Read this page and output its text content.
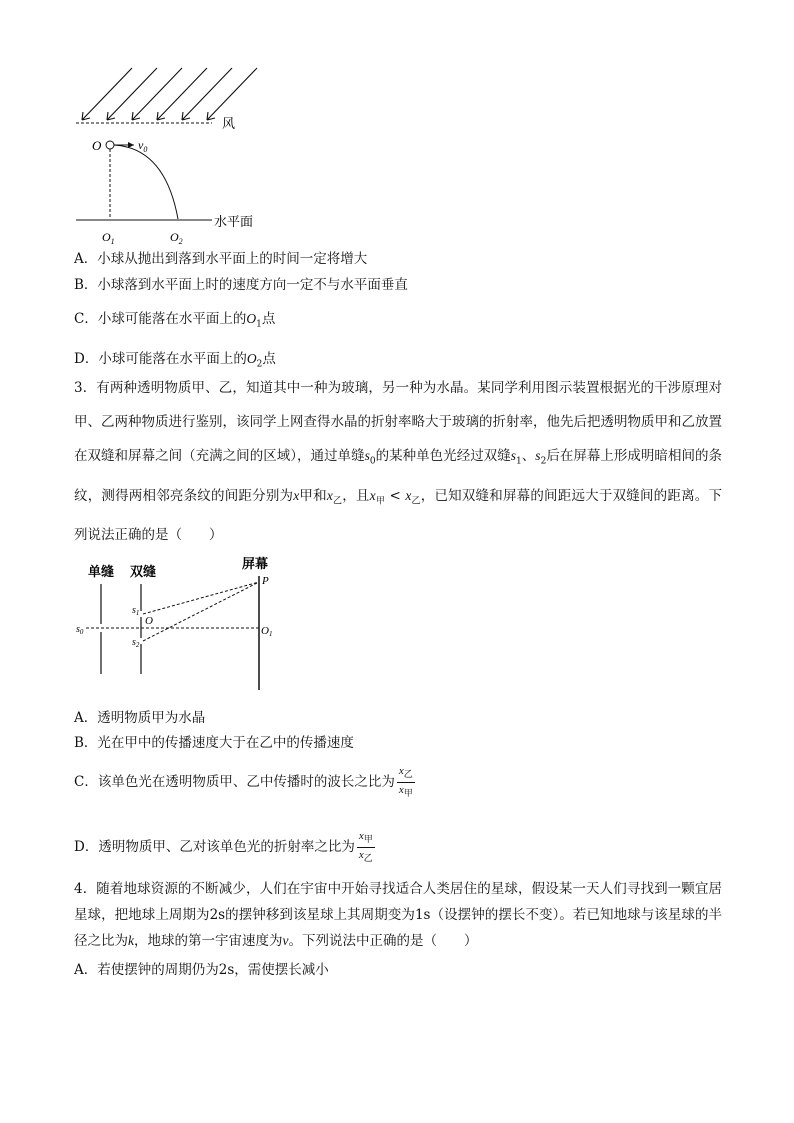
风
O	$v_0$
水平面
$O_1$	$O_2$
A．小球从抛出到落到水平面上的时间一定将增大
B．小球落到水平面上时的速度方向一定不与水平面垂直
C．小球可能落在水平面上的$O_1$点
D．小球可能落在水平面上的$O_2$点
3．有两种透明物质甲、乙，知道其中一种为玻璃，另一种为水晶。某同学利用图示装置根据光的干涉原理对甲、乙两种物质进行鉴别，该同学上网查得水晶的折射率略大于玻璃的折射率，他先后把透明物质甲和乙放置在双缝和屏幕之间（充满之间的区域），通过单缝$s_0$的某种单色光经过双缝$s_1$、$s_2$后在屏幕上形成明暗相间的条纹，测得两相邻亮条纹的间距分别为x甲和$x_乙$，且$x_甲 < x_乙$，已知双缝和屏幕的间距远大于双缝间的距离。下列说法正确的是（　　）
单缝 双缝
屏幕
P
$s_0$
$s_1$
$s_2$
O
O1
A．透明物质甲为水晶
B．光在甲中的传播速度大于在乙中的传播速度
C．该单色光在透明物质甲、乙中传播时的波长之比为 $\frac{x_乙}{x_甲}$
D．透明物质甲、乙对该单色光的折射率之比为 $\frac{x_甲}{x_乙}$
4．随着地球资源的不断减少，人们在宇宙中开始寻找适合人类居住的星球，假设某一天人们寻找到一颗宜居星球，把地球上周期为2s的摆钟移到该星球上其周期变为1s（设摆钟的摆长不变）。若已知地球与该星球的半径之比为k，地球的第一宇宙速度为v。下列说法中正确的是（　　）
A．若使摆钟的周期仍为2s，需使摆长减小
